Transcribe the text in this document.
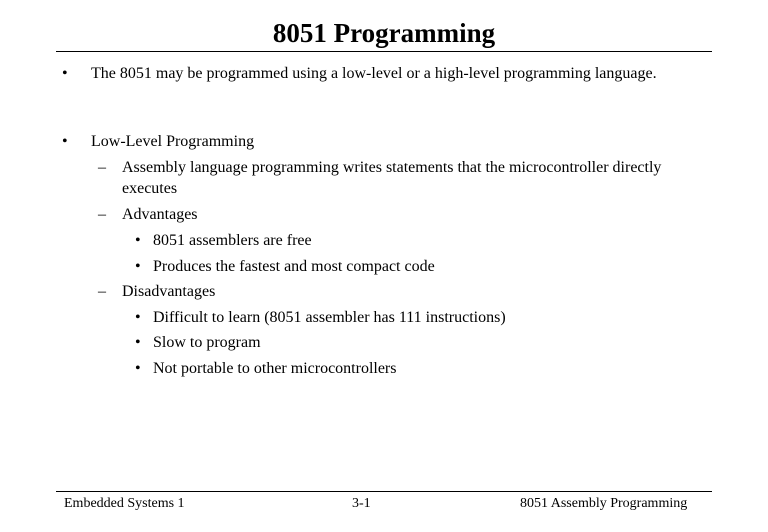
8051 Programming
• The 8051 may be programmed using a low-level or a high-level programming language.
• Low-Level Programming
– Assembly language programming writes statements that the microcontroller directly executes
– Advantages
• 8051 assemblers are free
• Produces the fastest and most compact code
– Disadvantages
• Difficult to learn (8051 assembler has 111 instructions)
• Slow to program
• Not portable to other microcontrollers
Embedded Systems 1	3-1	8051 Assembly Programming
